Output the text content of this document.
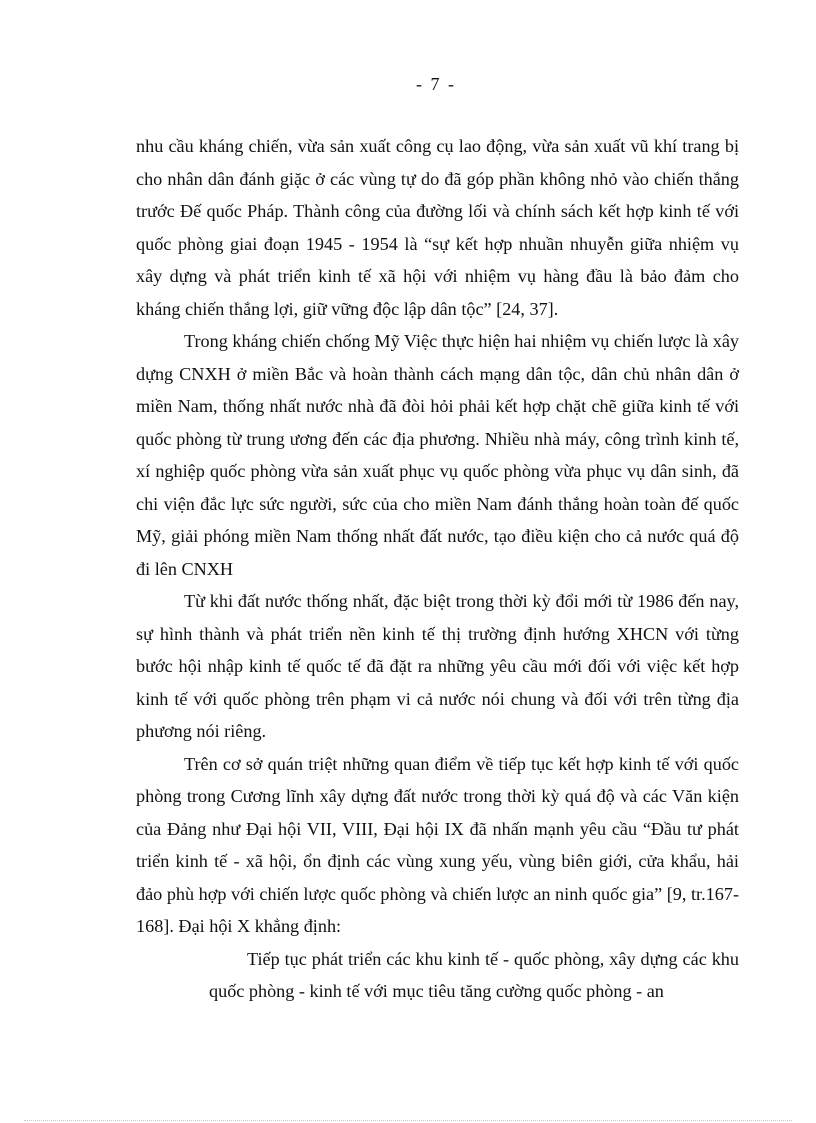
- 7 -

nhu cầu kháng chiến, vừa sản xuất công cụ lao động, vừa sản xuất vũ khí trang bị cho nhân dân đánh giặc ở các vùng tự do đã góp phần không nhỏ vào chiến thắng trước Đế quốc Pháp. Thành công của đường lối và chính sách kết hợp kinh tế với quốc phòng giai đoạn 1945 - 1954 là “sự kết hợp nhuần nhuyễn giữa nhiệm vụ xây dựng và phát triển kinh tế xã hội với nhiệm vụ hàng đầu là bảo đảm cho kháng chiến thắng lợi, giữ vững độc lập dân tộc” [24, 37].

Trong kháng chiến chống Mỹ Việc thực hiện hai nhiệm vụ chiến lược là xây dựng CNXH ở miền Bắc và hoàn thành cách mạng dân tộc, dân chủ nhân dân ở miền Nam, thống nhất nước nhà đã đòi hỏi phải kết hợp chặt chẽ giữa kinh tế với quốc phòng từ trung ương đến các địa phương. Nhiều nhà máy, công trình kinh tế, xí nghiệp quốc phòng vừa sản xuất phục vụ quốc phòng vừa phục vụ dân sinh, đã chi viện đắc lực sức người, sức của cho miền Nam đánh thắng hoàn toàn đế quốc Mỹ, giải phóng miền Nam thống nhất đất nước, tạo điều kiện cho cả nước quá độ đi lên CNXH

Từ khi đất nước thống nhất, đặc biệt trong thời kỳ đổi mới từ 1986 đến nay, sự hình thành và phát triển nền kinh tế thị trường định hướng XHCN với từng bước hội nhập kinh tế quốc tế đã đặt ra những yêu cầu mới đối với việc kết hợp kinh tế với quốc phòng trên phạm vi cả nước nói chung và đối với trên từng địa phương nói riêng.

Trên cơ sở quán triệt những quan điểm về tiếp tục kết hợp kinh tế với quốc phòng trong Cương lĩnh xây dựng đất nước trong thời kỳ quá độ và các Văn kiện của Đảng như Đại hội VII, VIII, Đại hội IX đã nhấn mạnh yêu cầu “Đầu tư phát triển kinh tế - xã hội, ổn định các vùng xung yếu, vùng biên giới, cửa khẩu, hải đảo phù hợp với chiến lược quốc phòng và chiến lược an ninh quốc gia” [9, tr.167-168]. Đại hội X khẳng định:

Tiếp tục phát triển các khu kinh tế - quốc phòng, xây dựng các khu quốc phòng - kinh tế với mục tiêu tăng cường quốc phòng - an
